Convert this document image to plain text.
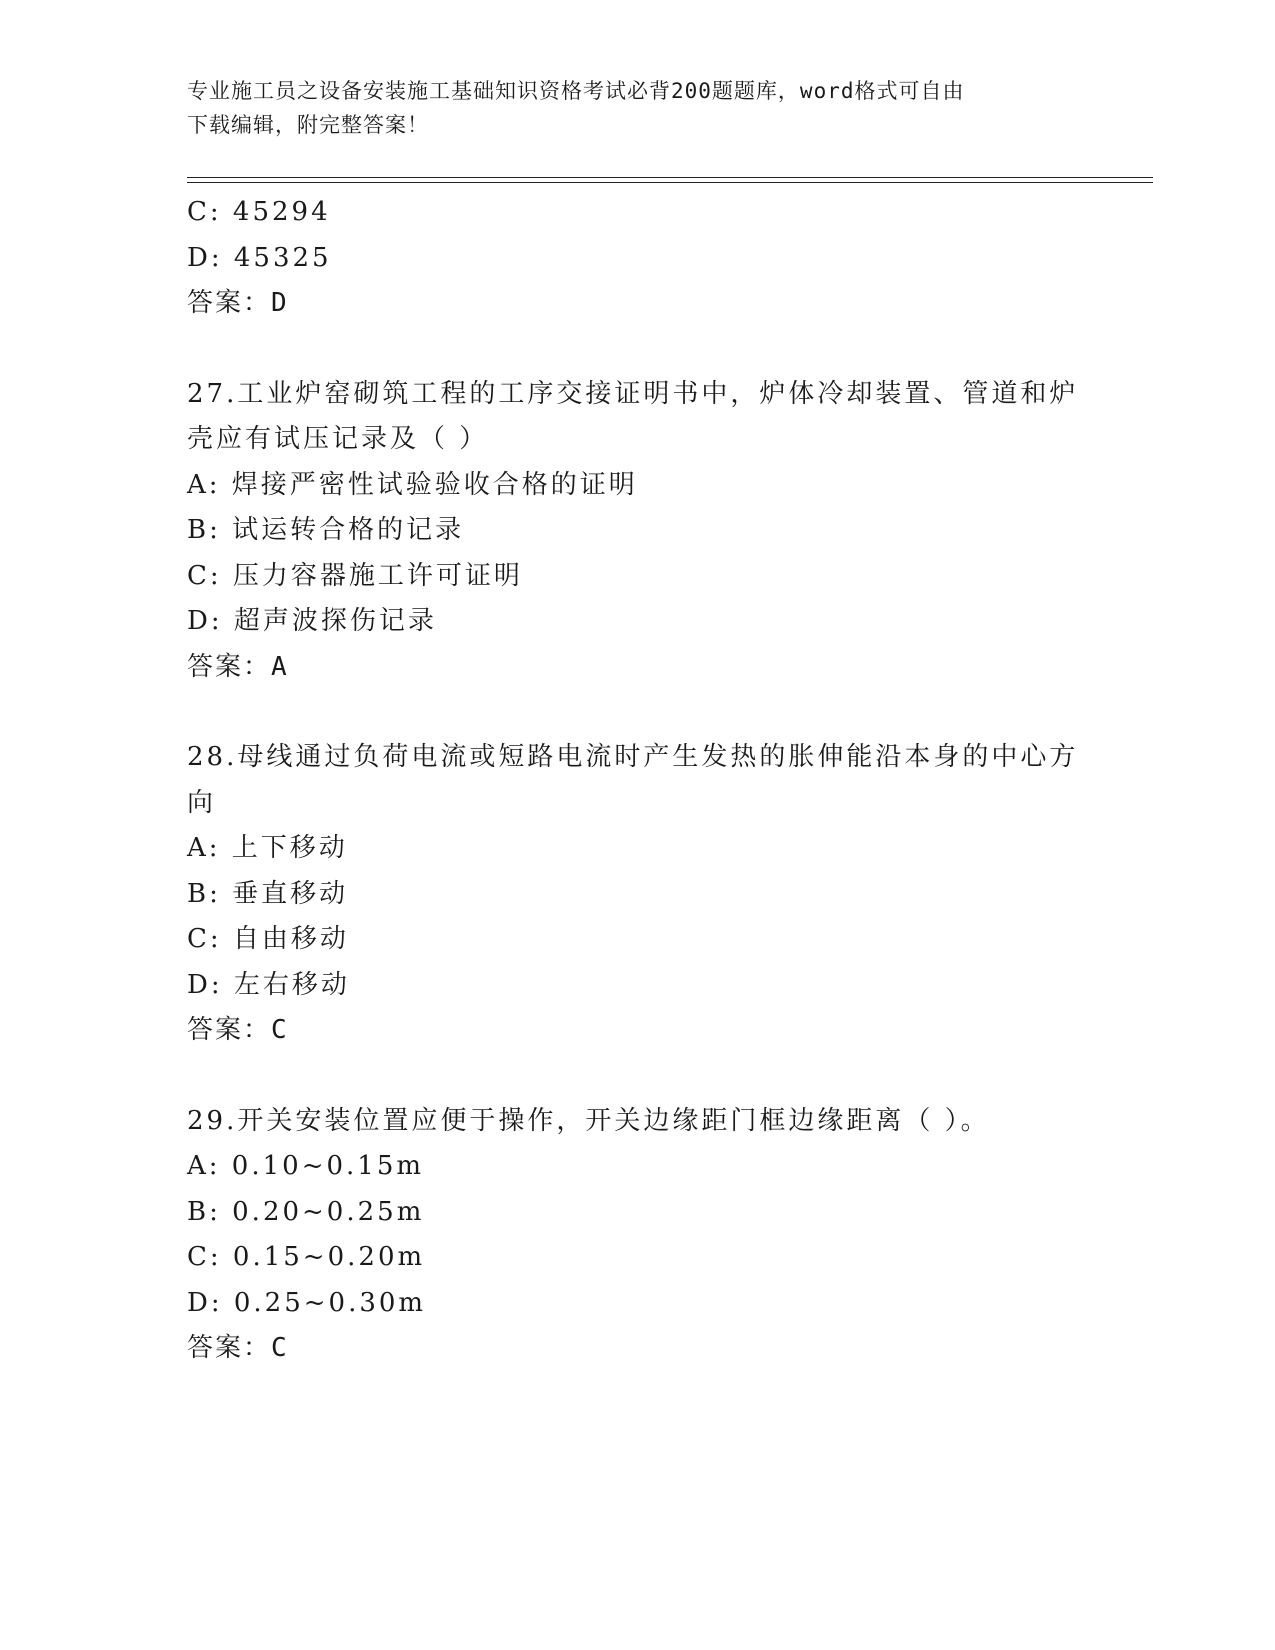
专业施工员之设备安装施工基础知识资格考试必背200题题库，word格式可自由
下载编辑，附完整答案！
C: 45294
D: 45325
答案：D
27.工业炉窑砌筑工程的工序交接证明书中，炉体冷却装置、管道和炉
壳应有试压记录及（ ）
A: 焊接严密性试验验收合格的证明
B: 试运转合格的记录
C: 压力容器施工许可证明
D: 超声波探伤记录
答案：A
28.母线通过负荷电流或短路电流时产生发热的胀伸能沿本身的中心方
向
A: 上下移动
B: 垂直移动
C: 自由移动
D: 左右移动
答案：C
29.开关安装位置应便于操作，开关边缘距门框边缘距离（ ）。
A: 0.10~0.15m
B: 0.20~0.25m
C: 0.15~0.20m
D: 0.25~0.30m
答案：C
